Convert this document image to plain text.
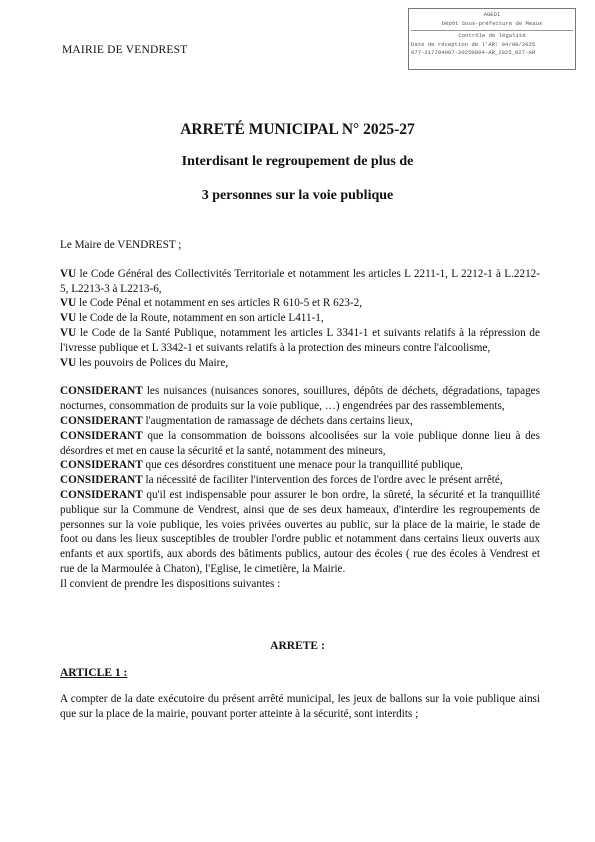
AGEDI
Dépôt Sous-préfecture de Meaux
Contrôle de légalité
Date de réception de l'AR: 04/08/2025
077-217704907-20250804-AR_2025_027-AR
MAIRIE DE VENDREST
ARRETÉ MUNICIPAL N° 2025-27
Interdisant le regroupement de plus de
3 personnes sur la voie publique

Le Maire de VENDREST ;

VU le Code Général des Collectivités Territoriale et notamment les articles L 2211-1, L 2212-1 à L.2212-5, L2213-3 à L2213-6,

VU le Code Pénal et notamment en ses articles R 610-5 et R 623-2,

VU le Code de la Route, notamment en son article L411-1,

VU le Code de la Santé Publique, notamment les articles L 3341-1 et suivants relatifs à la répression de l'ivresse publique et L 3342-1 et suivants relatifs à la protection des mineurs contre l'alcoolisme,

VU les pouvoirs de Polices du Maire,

CONSIDERANT les nuisances (nuisances sonores, souillures, dépôts de déchets, dégradations, tapages nocturnes, consommation de produits sur la voie publique, …) engendrées par des rassemblements,

CONSIDERANT l'augmentation de ramassage de déchets dans certains lieux,

CONSIDERANT que la consommation de boissons alcoolisées sur la voie publique donne lieu à des désordres et met en cause la sécurité et la santé, notamment des mineurs,

CONSIDERANT que ces désordres constituent une menace pour la tranquillité publique,

CONSIDERANT la nécessité de faciliter l'intervention des forces de l'ordre avec le présent arrêté,

CONSIDERANT qu'il est indispensable pour assurer le bon ordre, la sûreté, la sécurité et la tranquillité publique sur la Commune de Vendrest, ainsi que de ses deux hameaux, d'interdire les regroupements de personnes sur la voie publique, les voies privées ouvertes au public, sur la place de la mairie, le stade de foot ou dans les lieux susceptibles de troubler l'ordre public et notamment dans certains lieux ouverts aux enfants et aux sportifs, aux abords des bâtiments publics, autour des écoles ( rue des écoles à Vendrest et rue de la Marmoulée à Chaton), l'Eglise, le cimetière, la Mairie.

Il convient de prendre les dispositions suivantes :

ARRETE :
ARTICLE 1 :
A compter de la date exécutoire du présent arrêté municipal, les jeux de ballons sur la voie publique ainsi que sur la place de la mairie, pouvant porter atteinte à la sécurité, sont interdits ;
